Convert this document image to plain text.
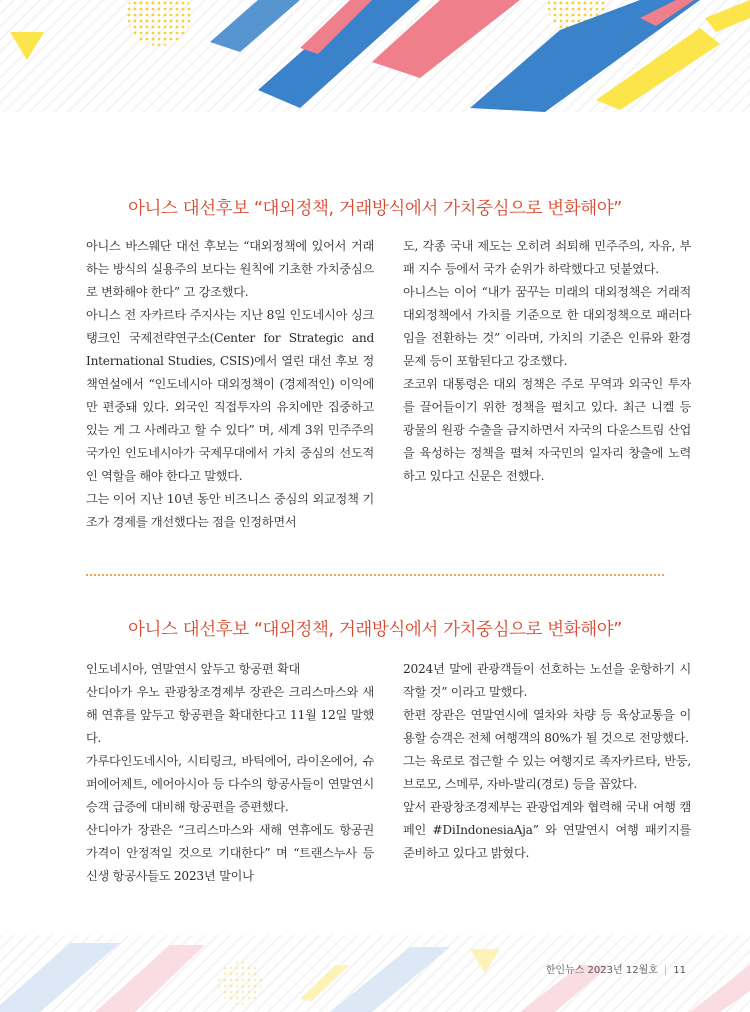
아니스 대선후보 “대외정책, 거래방식에서 가치중심으로 변화해야”

아니스 바스웨단 대선 후보는 “대외정책에 있어서 거래하는 방식의 실용주의 보다는 원칙에 기초한 가치중심으로 변화해야 한다” 고 강조했다.

아니스 전 자카르타 주지사는 지난 8일 인도네시아 싱크탱크인 국제전략연구소(Center for Strategic and International Studies, CSIS)에서 열린 대선 후보 정책연설에서 “인도네시아 대외정책이 (경제적인) 이익에만 편중돼 있다. 외국인 직접투자의 유치에만 집중하고 있는 게 그 사례라고 할 수 있다” 며, 세계 3위 민주주의 국가인 인도네시아가 국제무대에서 가치 중심의 선도적인 역할을 해야 한다고 말했다.

그는 이어 지난 10년 동안 비즈니스 중심의 외교정책 기조가 경제를 개선했다는 점을 인정하면서

도, 각종 국내 제도는 오히려 쇠퇴해 민주주의, 자유, 부패 지수 등에서 국가 순위가 하락했다고 덧붙였다.

아니스는 이어 “내가 꿈꾸는 미래의 대외정책은 거래적 대외정책에서 가치를 기준으로 한 대외정책으로 패러다임을 전환하는 것” 이라며, 가치의 기준은 인류와 환경 문제 등이 포함된다고 강조했다.

조코위 대통령은 대외 정책은 주로 무역과 외국인 투자를 끌어들이기 위한 정책을 펼치고 있다. 최근 니켈 등 광물의 원광 수출을 금지하면서 자국의 다운스트림 산업을 육성하는 정책을 펼쳐 자국민의 일자리 창출에 노력하고 있다고 신문은 전했다.

아니스 대선후보 “대외정책, 거래방식에서 가치중심으로 변화해야”

인도네시아, 연말연시 앞두고 항공편 확대

산디아가 우노 관광창조경제부 장관은 크리스마스와 새해 연휴를 앞두고 항공편을 확대한다고 11월 12일 말했다.

가루다인도네시아, 시티링크, 바틱에어, 라이온에어, 슈퍼에어제트, 에어아시아 등 다수의 항공사들이 연말연시 승객 급증에 대비해 항공편을 증편했다.

산디아가 장관은 “크리스마스와 새해 연휴에도 항공권 가격이 안정적일 것으로 기대한다” 며 “트랜스누사 등 신생 항공사들도 2023년 말이나

2024년 말에 관광객들이 선호하는 노선을 운항하기 시작할 것” 이라고 말했다.

한편 장관은 연말연시에 열차와 차량 등 육상교통을 이용할 승객은 전체 여행객의 80%가 될 것으로 전망했다.

그는 육로로 접근할 수 있는 여행지로 족자카르타, 반둥, 브로모, 스메루, 자바-발리(경로) 등을 꼽았다.

앞서 관광창조경제부는 관광업계와 협력해 국내 여행 캠페인 #DiIndonesiaAja” 와 연말연시 여행 패키지를 준비하고 있다고 밝혔다.

한인뉴스 2023년 12월호 | 11
